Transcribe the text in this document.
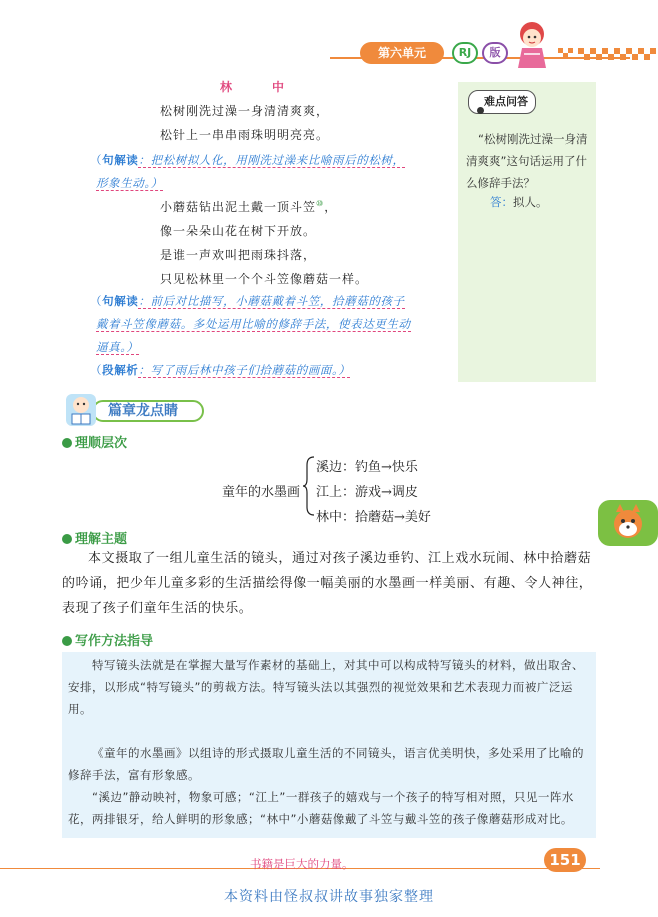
第六单元	RJ	版
林　中
松树刚洗过澡一身清清爽爽，
松针上一串串雨珠明明亮亮。
（句解读：把松树拟人化，用刚洗过澡来比喻雨后的松树，
形象生动。）
小蘑菇钻出泥土戴一顶斗笠⑩，
像一朵朵山花在树下开放。
是谁一声欢叫把雨珠抖落，
只见松林里一个个斗笠像蘑菇一样。
（句解读：前后对比描写，小蘑菇戴着斗笠，拾蘑菇的孩子
戴着斗笠像蘑菇。多处运用比喻的修辞手法，使表达更生动
逼真。）
（段解析：写了雨后林中孩子们拾蘑菇的画面。）
难点问答
“松树刚洗过澡一身清清爽爽”这句话运用了什么修辞手法？
答：拟人。
篇章龙点睛
理顺层次
童年的水墨画
溪边：钓鱼→快乐
江上：游戏→调皮
林中：拾蘑菇→美好
理解主题
本文摄取了一组儿童生活的镜头，通过对孩子溪边垂钓、江上戏水玩闹、林中拾蘑菇的吟诵，把少年儿童多彩的生活描绘得像一幅美丽的水墨画一样美丽、有趣、令人神往，表现了孩子们童年生活的快乐。
写作方法指导
特写镜头法就是在掌握大量写作素材的基础上，对其中可以构成特写镜头的材料，做出取舍、安排，以形成“特写镜头”的剪裁方法。特写镜头法以其强烈的视觉效果和艺术表现力而被广泛运用。
《童年的水墨画》以组诗的形式摄取儿童生活的不同镜头，语言优美明快，多处采用了比喻的修辞手法，富有形象感。
“溪边”静动映衬，物象可感；“江上”一群孩子的嬉戏与一个孩子的特写相对照，只见一阵水花，两排银牙，给人鲜明的形象感；“林中”小蘑菇像戴了斗笠与戴斗笠的孩子像蘑菇形成对比。
书籍是巨大的力量。	151
本资料由怪叔叔讲故事独家整理
